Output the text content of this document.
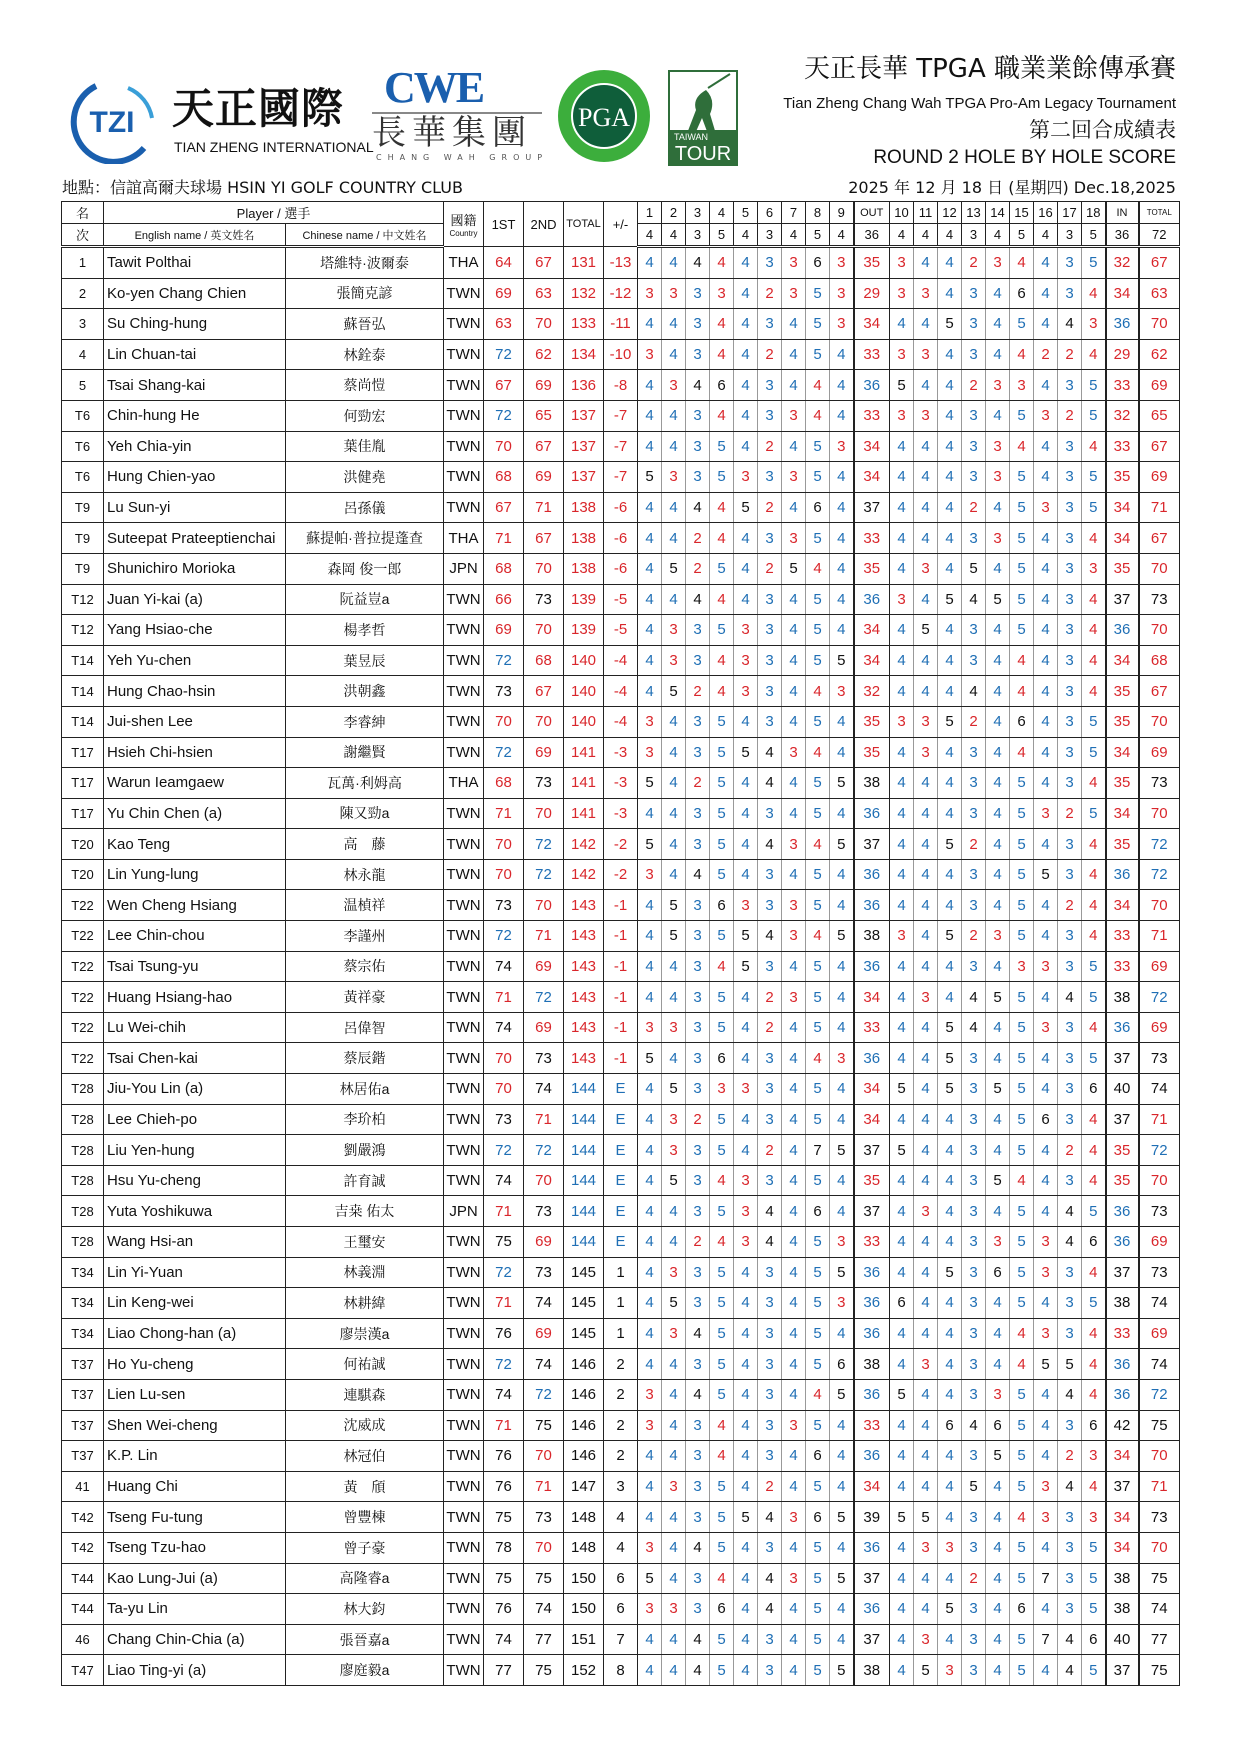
TZI 天正國際
TIAN ZHENG INTERNATIONAL
CWE
長華集團
CHANG WAH GROUP
PGA
TAIWAN
TOUR
天正長華 TPGA 職業業餘傳承賽
Tian Zheng Chang Wah TPGA Pro-Am Legacy Tournament
第二回合成績表
ROUND 2 HOLE BY HOLE SCORE
地點：信誼高爾夫球場 HSIN YI GOLF COUNTRY CLUB	2025 年 12 月 18 日 (星期四) Dec.18,2025
名	Player / 選手		國籍
Country	1ST	2ND	TOTAL	+/-	1	2	3	4	5	6	7	8	9	OUT	10	11	12	13	14	15	16	17	18	IN	TOTAL
次	English name / 英文姓名	Chinese name / 中文姓名						4	4	3	5	4	3	4	5	4	36	4	4	4	3	4	5	4	3	5	36	72
1	Tawit Polthai	塔維特·波爾泰	THA	64	67	131	-13	4	4	4	4	4	3	3	6	3	35	3	4	4	2	3	4	4	3	5	32	67
2	Ko-yen Chang Chien	張簡克諺	TWN	69	63	132	-12	3	3	3	3	4	2	3	5	3	29	3	3	4	3	4	6	4	3	4	34	63
3	Su Ching-hung	蘇晉弘	TWN	63	70	133	-11	4	4	3	4	4	3	4	5	3	34	4	4	5	3	4	5	4	4	3	36	70
4	Lin Chuan-tai	林銓泰	TWN	72	62	134	-10	3	4	3	4	4	2	4	5	4	33	3	3	4	3	4	4	2	2	4	29	62
5	Tsai Shang-kai	蔡尚愷	TWN	67	69	136	-8	4	3	4	6	4	3	4	4	4	36	5	4	4	2	3	3	4	3	5	33	69
T6	Chin-hung He	何勁宏	TWN	72	65	137	-7	4	4	3	4	4	3	3	4	4	33	3	3	4	3	4	5	3	2	5	32	65
T6	Yeh Chia-yin	葉佳胤	TWN	70	67	137	-7	4	4	3	5	4	2	4	5	3	34	4	4	4	3	3	4	4	3	4	33	67
T6	Hung Chien-yao	洪健堯	TWN	68	69	137	-7	5	3	3	5	3	3	3	5	4	34	4	4	4	3	3	5	4	3	5	35	69
T9	Lu Sun-yi	呂孫儀	TWN	67	71	138	-6	4	4	4	4	5	2	4	6	4	37	4	4	4	2	4	5	3	3	5	34	71
T9	Suteepat Prateeptienchai	蘇提帕·普拉提蓬查	THA	71	67	138	-6	4	4	2	4	4	3	3	5	4	33	4	4	4	3	3	5	4	3	4	34	67
T9	Shunichiro Morioka	森岡 俊一郎	JPN	68	70	138	-6	4	5	2	5	4	2	5	4	4	35	4	3	4	5	4	5	4	3	3	35	70
T12	Juan Yi-kai (a)	阮益豈a	TWN	66	73	139	-5	4	4	4	4	4	3	4	5	4	36	3	4	5	4	5	5	4	3	4	37	73
T12	Yang Hsiao-che	楊孝哲	TWN	69	70	139	-5	4	3	3	5	3	3	4	5	4	34	4	5	4	3	4	5	4	3	4	36	70
T14	Yeh Yu-chen	葉昱辰	TWN	72	68	140	-4	4	3	3	4	3	3	4	5	5	34	4	4	4	3	4	4	4	3	4	34	68
T14	Hung Chao-hsin	洪朝鑫	TWN	73	67	140	-4	4	5	2	4	3	3	4	4	3	32	4	4	4	4	4	4	4	3	4	35	67
T14	Jui-shen Lee	李睿紳	TWN	70	70	140	-4	3	4	3	5	4	3	4	5	4	35	3	3	5	2	4	6	4	3	5	35	70
T17	Hsieh Chi-hsien	謝繼賢	TWN	72	69	141	-3	3	4	3	5	5	4	3	4	4	35	4	3	4	3	4	4	4	3	5	34	69
T17	Warun Ieamgaew	瓦萬·利姆高	THA	68	73	141	-3	5	4	2	5	4	4	4	5	5	38	4	4	4	3	4	5	4	3	4	35	73
T17	Yu Chin Chen (a)	陳又勁a	TWN	71	70	141	-3	4	4	3	5	4	3	4	5	4	36	4	4	4	3	4	5	3	2	5	34	70
T20	Kao Teng	高　藤	TWN	70	72	142	-2	5	4	3	5	4	4	3	4	5	37	4	4	5	2	4	5	4	3	4	35	72
T20	Lin Yung-lung	林永龍	TWN	70	72	142	-2	3	4	4	5	4	3	4	5	4	36	4	4	4	3	4	5	5	3	4	36	72
T22	Wen Cheng Hsiang	温楨祥	TWN	73	70	143	-1	4	5	3	6	3	3	3	5	4	36	4	4	4	3	4	5	4	2	4	34	70
T22	Lee Chin-chou	李謹州	TWN	72	71	143	-1	4	5	3	5	5	4	3	4	5	38	3	4	5	2	3	5	4	3	4	33	71
T22	Tsai Tsung-yu	蔡宗佑	TWN	74	69	143	-1	4	4	3	4	5	3	4	5	4	36	4	4	4	3	4	3	3	3	5	33	69
T22	Huang Hsiang-hao	黃祥豪	TWN	71	72	143	-1	4	4	3	5	4	2	3	5	4	34	4	3	4	4	5	5	4	4	5	38	72
T22	Lu Wei-chih	呂偉智	TWN	74	69	143	-1	3	3	3	5	4	2	4	5	4	33	4	4	5	4	4	5	3	3	4	36	69
T22	Tsai Chen-kai	蔡辰鍇	TWN	70	73	143	-1	5	4	3	6	4	3	4	4	3	36	4	4	5	3	4	5	4	3	5	37	73
T28	Jiu-You Lin (a)	林居佑a	TWN	70	74	144	E	4	5	3	3	3	3	4	5	4	34	5	4	5	3	5	5	4	3	6	40	74
T28	Lee Chieh-po	李玠柏	TWN	73	71	144	E	4	3	2	5	4	3	4	5	4	34	4	4	4	3	4	5	6	3	4	37	71
T28	Liu Yen-hung	劉嚴鴻	TWN	72	72	144	E	4	3	3	5	4	2	4	7	5	37	5	4	4	3	4	5	4	2	4	35	72
T28	Hsu Yu-cheng	許育誠	TWN	74	70	144	E	4	5	3	4	3	3	4	5	4	35	4	4	4	3	5	4	4	3	4	35	70
T28	Yuta Yoshikuwa	吉桒 佑太	JPN	71	73	144	E	4	4	3	5	3	4	4	6	4	37	4	3	4	3	4	5	4	4	5	36	73
T28	Wang Hsi-an	王璽安	TWN	75	69	144	E	4	4	2	4	3	4	4	5	3	33	4	4	4	3	3	5	3	4	6	36	69
T34	Lin Yi-Yuan	林義淵	TWN	72	73	145	1	4	3	3	5	4	3	4	5	5	36	4	4	5	3	6	5	3	3	4	37	73
T34	Lin Keng-wei	林耕緯	TWN	71	74	145	1	4	5	3	5	4	3	4	5	3	36	6	4	4	3	4	5	4	3	5	38	74
T34	Liao Chong-han (a)	廖崇漢a	TWN	76	69	145	1	4	3	4	5	4	3	4	5	4	36	4	4	4	3	4	4	3	3	4	33	69
T37	Ho Yu-cheng	何祐誠	TWN	72	74	146	2	4	4	3	5	4	3	4	5	6	38	4	3	4	3	4	4	5	5	4	36	74
T37	Lien Lu-sen	連騏森	TWN	74	72	146	2	3	4	4	5	4	3	4	4	5	36	5	4	4	3	3	5	4	4	4	36	72
T37	Shen Wei-cheng	沈威成	TWN	71	75	146	2	3	4	3	4	4	3	3	5	4	33	4	4	6	4	6	5	4	3	6	42	75
T37	K.P. Lin	林冠伯	TWN	76	70	146	2	4	4	3	4	4	3	4	6	4	36	4	4	4	3	5	5	4	2	3	34	70
41	Huang Chi	黃　頎	TWN	76	71	147	3	4	3	3	5	4	2	4	5	4	34	4	4	4	5	4	5	3	4	4	37	71
T42	Tseng Fu-tung	曾豐棟	TWN	75	73	148	4	4	4	3	5	5	4	3	6	5	39	5	5	4	3	4	4	3	3	3	34	73
T42	Tseng Tzu-hao	曾子豪	TWN	78	70	148	4	3	4	4	5	4	3	4	5	4	36	4	3	3	3	4	5	4	3	5	34	70
T44	Kao Lung-Jui (a)	高隆睿a	TWN	75	75	150	6	5	4	3	4	4	4	3	5	5	37	4	4	4	2	4	5	7	3	5	38	75
T44	Ta-yu Lin	林大鈞	TWN	76	74	150	6	3	3	3	6	4	4	4	5	4	36	4	4	5	3	4	6	4	3	5	38	74
46	Chang Chin-Chia (a)	張晉嘉a	TWN	74	77	151	7	4	4	4	5	4	3	4	5	4	37	4	3	4	3	4	5	7	4	6	40	77
T47	Liao Ting-yi (a)	廖庭毅a	TWN	77	75	152	8	4	4	4	5	4	3	4	5	5	38	4	5	3	3	4	5	4	4	5	37	75
